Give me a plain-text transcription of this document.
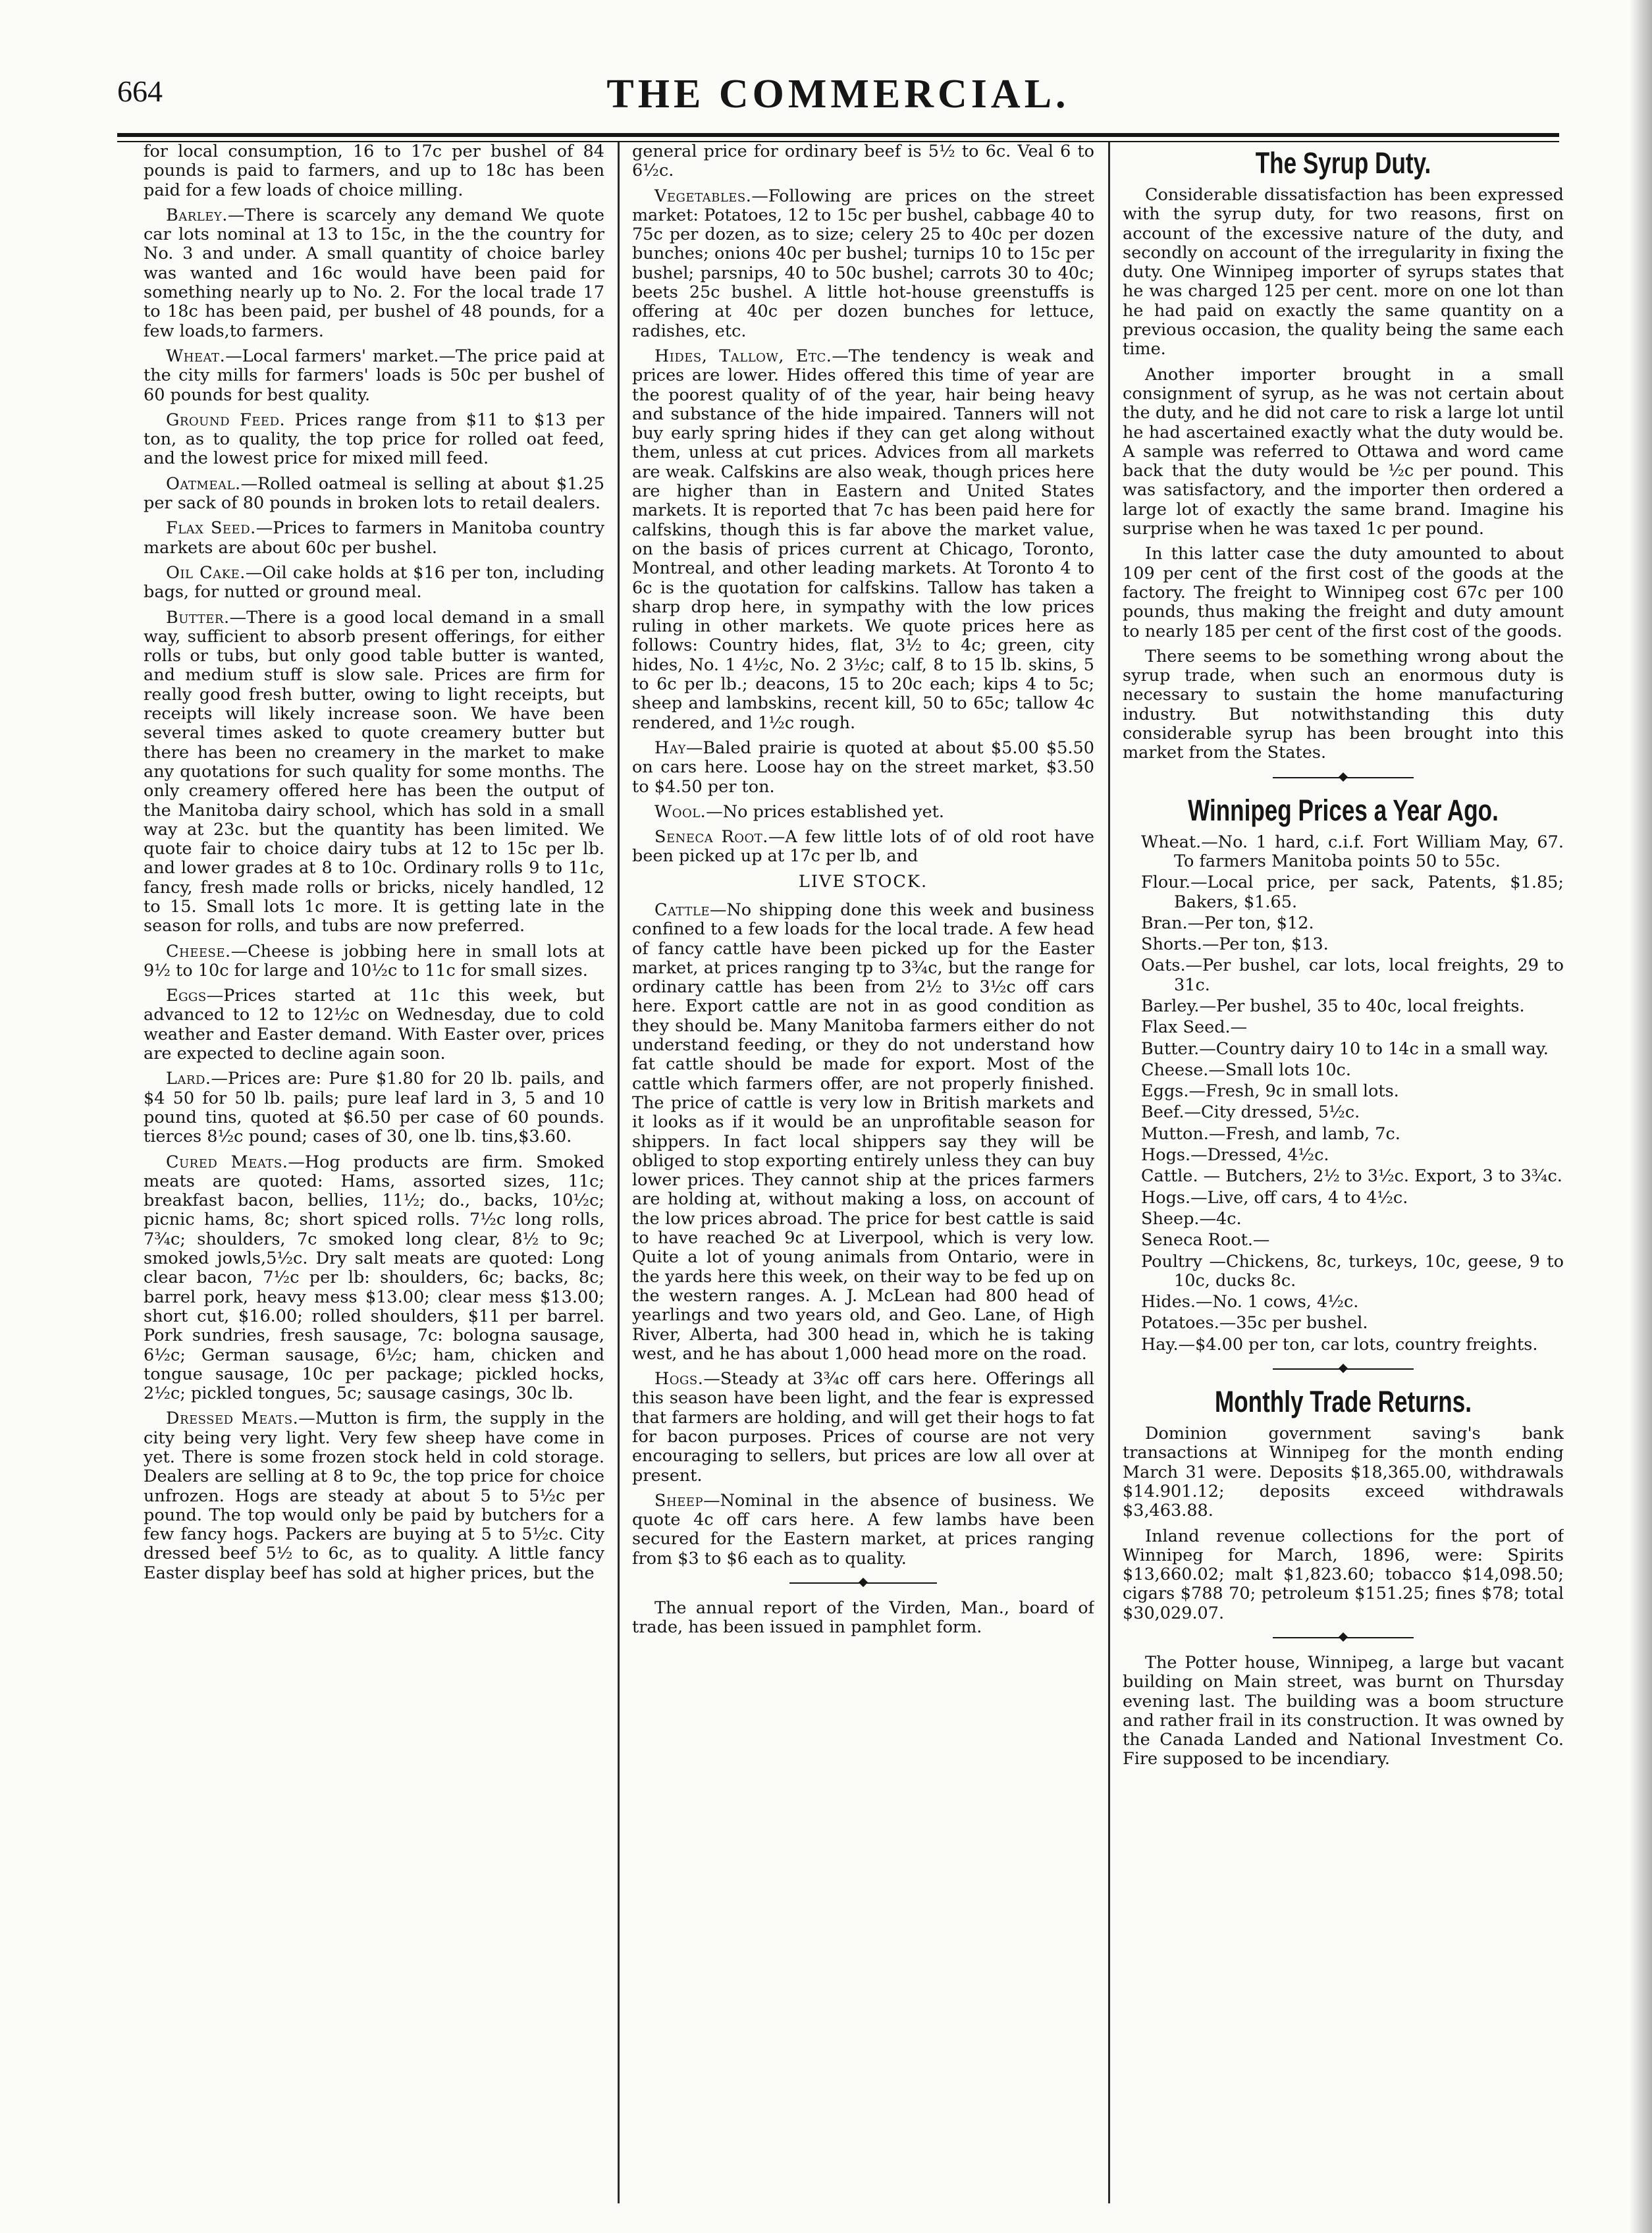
664	THE COMMERCIAL.

for local consumption, 16 to 17c per bushel of 84 pounds is paid to farmers, and up to 18c has been paid for a few loads of choice milling.

Barley.—There is scarcely any demand We quote car lots nominal at 13 to 15c, in the the country for No. 3 and under. A small quantity of choice barley was wanted and 16c would have been paid for something nearly up to No. 2. For the local trade 17 to 18c has been paid, per bushel of 48 pounds, for a few loads,to farmers.

Wheat.—Local farmers' market.—The price paid at the city mills for farmers' loads is 50c per bushel of 60 pounds for best quality.

Ground Feed. Prices range from $11 to $13 per ton, as to quality, the top price for rolled oat feed, and the lowest price for mixed mill feed.

Oatmeal.—Rolled oatmeal is selling at about $1.25 per sack of 80 pounds in broken lots to retail dealers.

Flax Seed.—Prices to farmers in Manitoba country markets are about 60c per bushel.

Oil Cake.—Oil cake holds at $16 per ton, including bags, for nutted or ground meal.

Butter.—There is a good local demand in a small way, sufficient to absorb present offerings, for either rolls or tubs, but only good table butter is wanted, and medium stuff is slow sale. Prices are firm for really good fresh butter, owing to light receipts, but receipts will likely increase soon. We have been several times asked to quote creamery butter but there has been no creamery in the market to make any quotations for such quality for some months. The only creamery offered here has been the output of the Manitoba dairy school, which has sold in a small way at 23c. but the quantity has been limited. We quote fair to choice dairy tubs at 12 to 15c per lb. and lower grades at 8 to 10c. Ordinary rolls 9 to 11c, fancy, fresh made rolls or bricks, nicely handled, 12 to 15. Small lots 1c more. It is getting late in the season for rolls, and tubs are now preferred.

Cheese.—Cheese is jobbing here in small lots at 9½ to 10c for large and 10½c to 11c for small sizes.

Eggs—Prices started at 11c this week, but advanced to 12 to 12½c on Wednesday, due to cold weather and Easter demand. With Easter over, prices are expected to decline again soon.

Lard.—Prices are: Pure $1.80 for 20 lb. pails, and $4 50 for 50 lb. pails; pure leaf lard in 3, 5 and 10 pound tins, quoted at $6.50 per case of 60 pounds. tierces 8½c pound; cases of 30, one lb. tins,$3.60.

Cured Meats.—Hog products are firm. Smoked meats are quoted: Hams, assorted sizes, 11c; breakfast bacon, bellies, 11½; do., backs, 10½c; picnic hams, 8c; short spiced rolls. 7½c long rolls, 7¾c; shoulders, 7c smoked long clear, 8½ to 9c; smoked jowls,5½c. Dry salt meats are quoted: Long clear bacon, 7½c per lb: shoulders, 6c; backs, 8c; barrel pork, heavy mess $13.00; clear mess $13.00; short cut, $16.00; rolled shoulders, $11 per barrel. Pork sundries, fresh sausage, 7c: bologna sausage, 6½c; German sausage, 6½c; ham, chicken and tongue sausage, 10c per package; pickled hocks, 2½c; pickled tongues, 5c; sausage casings, 30c lb.

Dressed Meats.—Mutton is firm, the supply in the city being very light. Very few sheep have come in yet. There is some frozen stock held in cold storage. Dealers are selling at 8 to 9c, the top price for choice unfrozen. Hogs are steady at about 5 to 5½c per pound. The top would only be paid by butchers for a few fancy hogs. Packers are buying at 5 to 5½c. City dressed beef 5½ to 6c, as to quality. A little fancy Easter display beef has sold at higher prices, but the

general price for ordinary beef is 5½ to 6c. Veal 6 to 6½c.

Vegetables.—Following are prices on the street market: Potatoes, 12 to 15c per bushel, cabbage 40 to 75c per dozen, as to size; celery 25 to 40c per dozen bunches; onions 40c per bushel; turnips 10 to 15c per bushel; parsnips, 40 to 50c bushel; carrots 30 to 40c; beets 25c bushel. A little hot-house greenstuffs is offering at 40c per dozen bunches for lettuce, radishes, etc.

Hides, Tallow, Etc.—The tendency is weak and prices are lower. Hides offered this time of year are the poorest quality of of the year, hair being heavy and substance of the hide impaired. Tanners will not buy early spring hides if they can get along without them, unless at cut prices. Advices from all markets are weak. Calfskins are also weak, though prices here are higher than in Eastern and United States markets. It is reported that 7c has been paid here for calfskins, though this is far above the market value, on the basis of prices current at Chicago, Toronto, Montreal, and other leading markets. At Toronto 4 to 6c is the quotation for calfskins. Tallow has taken a sharp drop here, in sympathy with the low prices ruling in other markets. We quote prices here as follows: Country hides, flat, 3½ to 4c; green, city hides, No. 1 4½c, No. 2 3½c; calf, 8 to 15 lb. skins, 5 to 6c per lb.; deacons, 15 to 20c each; kips 4 to 5c; sheep and lambskins, recent kill, 50 to 65c; tallow 4c rendered, and 1½c rough.

Hay—Baled prairie is quoted at about $5.00 $5.50 on cars here. Loose hay on the street market, $3.50 to $4.50 per ton.

Wool.—No prices established yet.

Seneca Root.—A few little lots of of old root have been picked up at 17c per lb, and

LIVE STOCK.

Cattle—No shipping done this week and business confined to a few loads for the local trade. A few head of fancy cattle have been picked up for the Easter market, at prices ranging tp to 3¾c, but the range for ordinary cattle has been from 2½ to 3½c off cars here. Export cattle are not in as good condition as they should be. Many Manitoba farmers either do not understand feeding, or they do not understand how fat cattle should be made for export. Most of the cattle which farmers offer, are not properly finished. The price of cattle is very low in British markets and it looks as if it would be an unprofitable season for shippers. In fact local shippers say they will be obliged to stop exporting entirely unless they can buy lower prices. They cannot ship at the prices farmers are holding at, without making a loss, on account of the low prices abroad. The price for best cattle is said to have reached 9c at Liverpool, which is very low. Quite a lot of young animals from Ontario, were in the yards here this week, on their way to be fed up on the western ranges. A. J. McLean had 800 head of yearlings and two years old, and Geo. Lane, of High River, Alberta, had 300 head in, which he is taking west, and he has about 1,000 head more on the road.

Hogs.—Steady at 3¾c off cars here. Offerings all this season have been light, and the fear is expressed that farmers are holding, and will get their hogs to fat for bacon purposes. Prices of course are not very encouraging to sellers, but prices are low all over at present.

Sheep—Nominal in the absence of business. We quote 4c off cars here. A few lambs have been secured for the Eastern market, at prices ranging from $3 to $6 each as to quality.

The annual report of the Virden, Man., board of trade, has been issued in pamphlet form.

The Syrup Duty.

Considerable dissatisfaction has been expressed with the syrup duty, for two reasons, first on account of the excessive nature of the duty, and secondly on account of the irregularity in fixing the duty. One Winnipeg importer of syrups states that he was charged 125 per cent. more on one lot than he had paid on exactly the same quantity on a previous occasion, the quality being the same each time.

Another importer brought in a small consignment of syrup, as he was not certain about the duty, and he did not care to risk a large lot until he had ascertained exactly what the duty would be. A sample was referred to Ottawa and word came back that the duty would be ½c per pound. This was satisfactory, and the importer then ordered a large lot of exactly the same brand. Imagine his surprise when he was taxed 1c per pound.

In this latter case the duty amounted to about 109 per cent of the first cost of the goods at the factory. The freight to Winnipeg cost 67c per 100 pounds, thus making the freight and duty amount to nearly 185 per cent of the first cost of the goods.

There seems to be something wrong about the syrup trade, when such an enormous duty is necessary to sustain the home manufacturing industry. But notwithstanding this duty considerable syrup has been brought into this market from the States.

Winnipeg Prices a Year Ago.
Wheat.—No. 1 hard, c.i.f. Fort William May, 67. To farmers Manitoba points 50 to 55c.
Flour.—Local price, per sack, Patents, $1.85; Bakers, $1.65.
Bran.—Per ton, $12.
Shorts.—Per ton, $13.
Oats.—Per bushel, car lots, local freights, 29 to 31c.
Barley.—Per bushel, 35 to 40c, local freights.
Flax Seed.—
Butter.—Country dairy 10 to 14c in a small way.
Cheese.—Small lots 10c.
Eggs.—Fresh, 9c in small lots.
Beef.—City dressed, 5½c.
Mutton.—Fresh, and lamb, 7c.
Hogs.—Dressed, 4½c.
Cattle. — Butchers, 2½ to 3½c. Export, 3 to 3¾c.
Hogs.—Live, off cars, 4 to 4½c.
Sheep.—4c.
Seneca Root.—
Poultry —Chickens, 8c, turkeys, 10c, geese, 9 to 10c, ducks 8c.
Hides.—No. 1 cows, 4½c.
Potatoes.—35c per bushel.
Hay.—$4.00 per ton, car lots, country freights.
Monthly Trade Returns.

Dominion government saving's bank transactions at Winnipeg for the month ending March 31 were. Deposits $18,365.00, withdrawals $14.901.12; deposits exceed withdrawals $3,463.88.

Inland revenue collections for the port of Winnipeg for March, 1896, were: Spirits $13,660.02; malt $1,823.60; tobacco $14,098.50; cigars $788 70; petroleum $151.25; fines $78; total $30,029.07.

The Potter house, Winnipeg, a large but vacant building on Main street, was burnt on Thursday evening last. The building was a boom structure and rather frail in its construction. It was owned by the Canada Landed and National Investment Co. Fire supposed to be incendiary.
